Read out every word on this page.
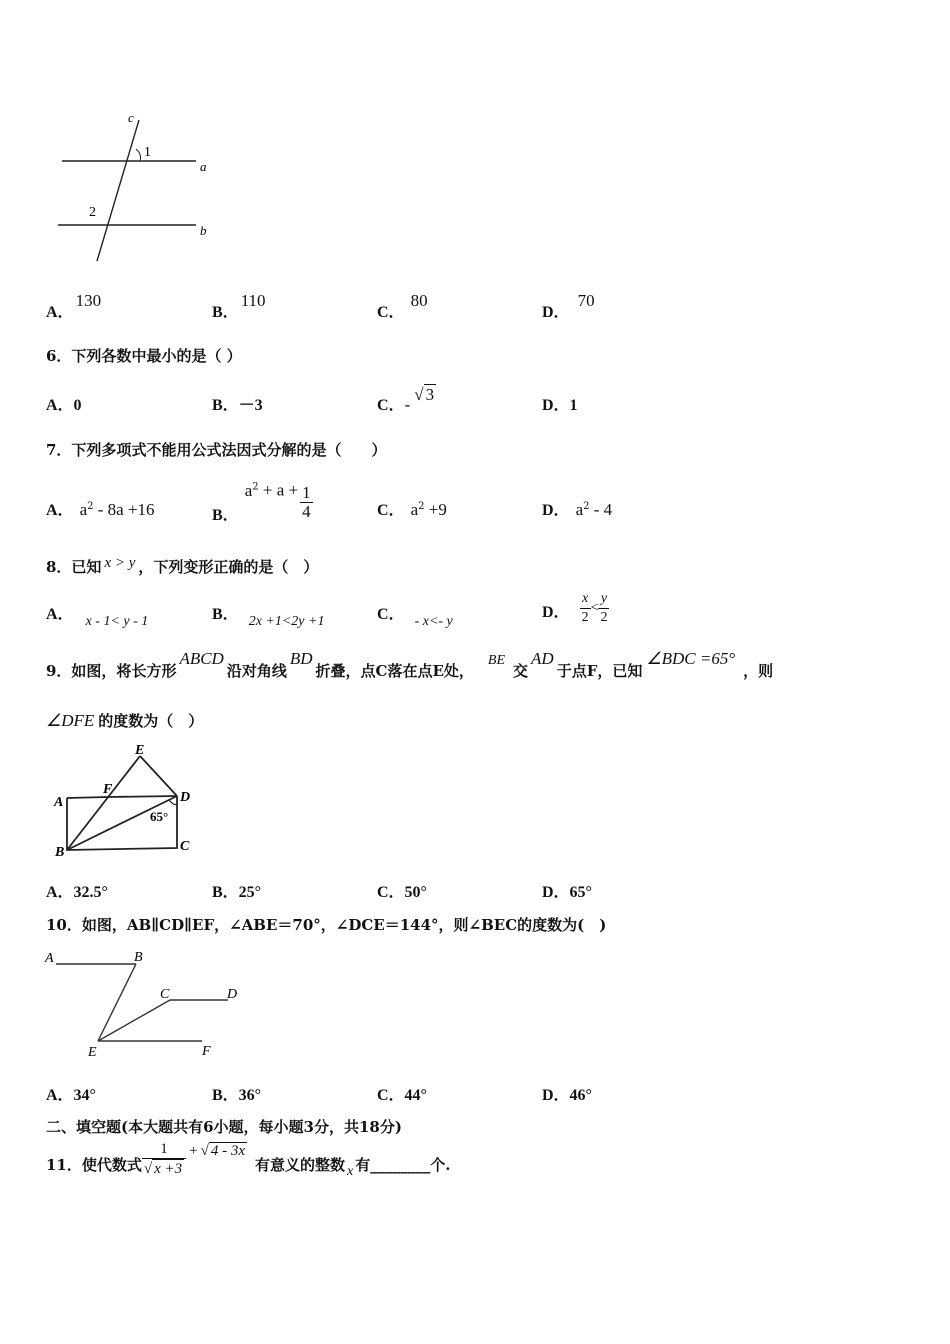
c
1
a
2
b
A．130
B．110
C．80
D．70
6．下列各数中最小的是（ ）
A．0	B．－3	C．-√ 3
D．1
7．下列多项式不能用公式法因式分解的是（　　）
A． $a^2 - 8a +16$	B．$a^2 + a + \frac{1}{4}$	C． $a^2 +9$	D． $a^2 - 4$
8．已知 x > y ，下列变形正确的是（　）
A． x - 1< y - 1	B． 2x +1<2y +1	C． - x<- y
D． $\frac{x}{2} < \frac{y}{2}$
9．如图，将长方形ABCD沿对角线BD折叠，点C落在点E处，BE交AD于点F，已知∠BDC =65°，则
∠DFE 的度数为（　）
E
F
A	D
65°
B	C
A．32.5°	B．25°	C．50°	D．65°
10．如图，AB∥CD∥EF，∠ABE＝70°，∠DCE＝144°，则∠BEC的度数为(　)
A	B
C	D
E	F
A．34°	B．36°	C．44°	D．46°
二、填空题(本大题共有6小题，每小题3分，共18分)
11．使代数式 $\frac{1}{√ x +3}$ + √ 4 - 3x有意义的整数 x 有________个.
